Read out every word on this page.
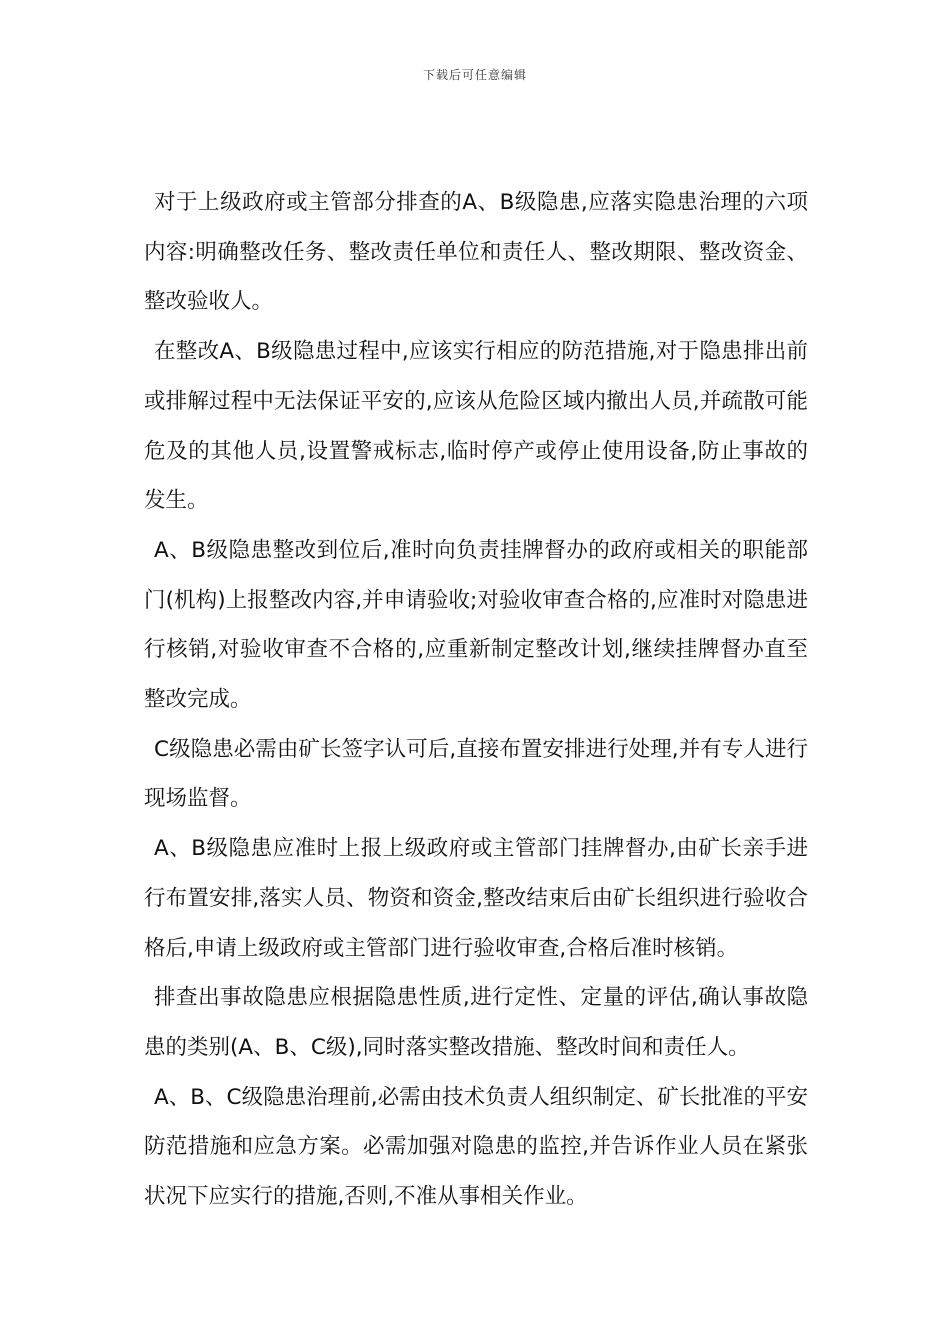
下载后可任意编辑

对于上级政府或主管部分排查的A、B级隐患,应落实隐患治理的六项内容:明确整改任务、整改责任单位和责任人、整改期限、整改资金、整改验收人。

在整改A、B级隐患过程中,应该实行相应的防范措施,对于隐患排出前或排解过程中无法保证平安的,应该从危险区域内撤出人员,并疏散可能危及的其他人员,设置警戒标志,临时停产或停止使用设备,防止事故的发生。

A、B级隐患整改到位后,准时向负责挂牌督办的政府或相关的职能部门(机构)上报整改内容,并申请验收;对验收审查合格的,应准时对隐患进行核销,对验收审查不合格的,应重新制定整改计划,继续挂牌督办直至整改完成。

C级隐患必需由矿长签字认可后,直接布置安排进行处理,并有专人进行现场监督。

A、B级隐患应准时上报上级政府或主管部门挂牌督办,由矿长亲手进行布置安排,落实人员、物资和资金,整改结束后由矿长组织进行验收合格后,申请上级政府或主管部门进行验收审查,合格后准时核销。

排查出事故隐患应根据隐患性质,进行定性、定量的评估,确认事故隐患的类别(A、B、C级),同时落实整改措施、整改时间和责任人。

A、B、C级隐患治理前,必需由技术负责人组织制定、矿长批准的平安防范措施和应急方案。必需加强对隐患的监控,并告诉作业人员在紧张状况下应实行的措施,否则,不准从事相关作业。
